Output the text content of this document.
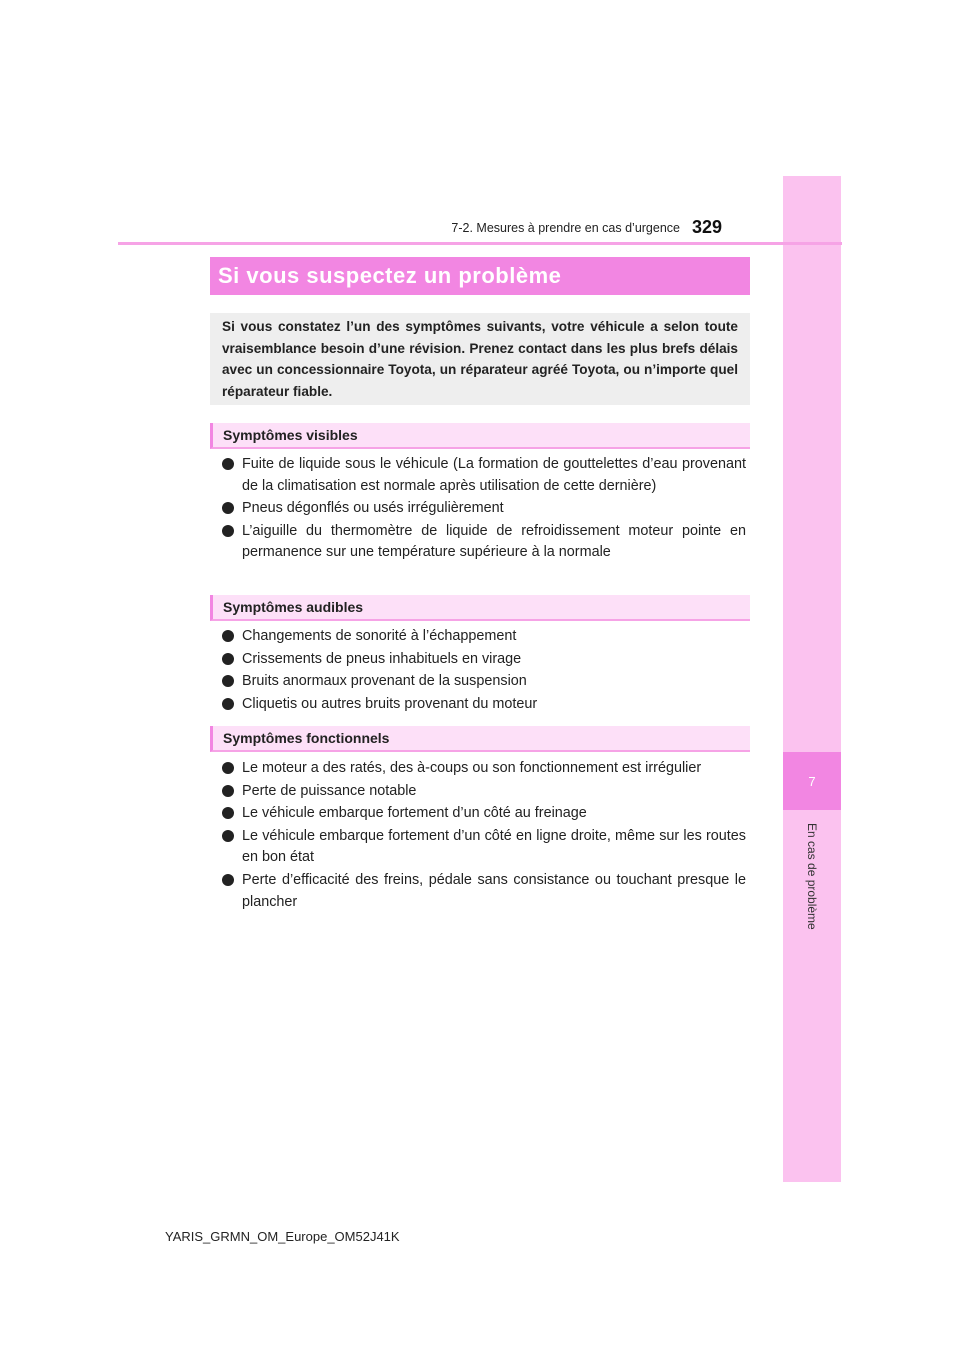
7
En cas de problème
7-2. Mesures à prendre en cas d’urgence 329
Si vous suspectez un problème

Si vous constatez l’un des symptômes suivants, votre véhicule a selon toute vraisemblance besoin d’une révision. Prenez contact dans les plus brefs délais avec un concessionnaire Toyota, un réparateur agréé Toyota, ou n’importe quel réparateur fiable.

Symptômes visibles
Fuite de liquide sous le véhicule (La formation de gouttelettes d’eau provenant de la climatisation est normale après utilisation de cette dernière)
Pneus dégonflés ou usés irrégulièrement
L’aiguille du thermomètre de liquide de refroidissement moteur pointe en permanence sur une température supérieure à la normale
Symptômes audibles
Changements de sonorité à l’échappement
Crissements de pneus inhabituels en virage
Bruits anormaux provenant de la suspension
Cliquetis ou autres bruits provenant du moteur
Symptômes fonctionnels
Le moteur a des ratés, des à-coups ou son fonctionnement est irrégulier
Perte de puissance notable
Le véhicule embarque fortement d’un côté au freinage
Le véhicule embarque fortement d’un côté en ligne droite, même sur les routes en bon état
Perte d’efficacité des freins, pédale sans consistance ou touchant presque le plancher
YARIS_GRMN_OM_Europe_OM52J41K
